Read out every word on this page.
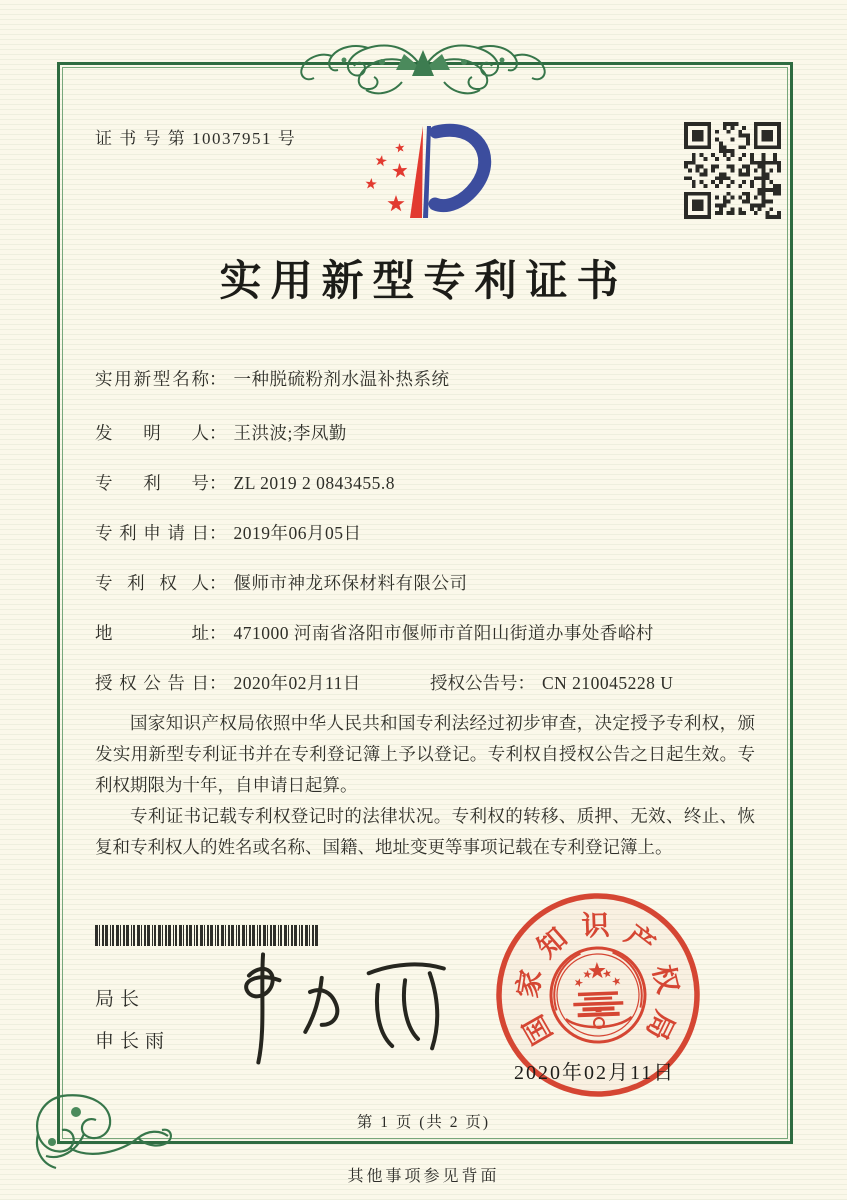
证 书 号 第 10037951 号
实用新型专利证书
实用新型名称： 一种脱硫粉剂水温补热系统
发明人： 王洪波;李凤勤
专利号： ZL 2019 2 0843455.8
专利申请日： 2019年06月05日
专利权人： 偃师市神龙环保材料有限公司
地址： 471000 河南省洛阳市偃师市首阳山街道办事处香峪村
授权公告日： 2020年02月11日	授权公告号： CN 210045228 U

国家知识产权局依照中华人民共和国专利法经过初步审查，决定授予专利权，颁发实用新型专利证书并在专利登记簿上予以登记。专利权自授权公告之日起生效。专利权期限为十年，自申请日起算。

专利证书记载专利权登记时的法律状况。专利权的转移、质押、无效、终止、恢复和专利权人的姓名或名称、国籍、地址变更等事项记载在专利登记簿上。

局长
申长雨	国
家
知 识 产
权
局
2020年02月11日
第 1 页 (共 2 页)
其他事项参见背面
